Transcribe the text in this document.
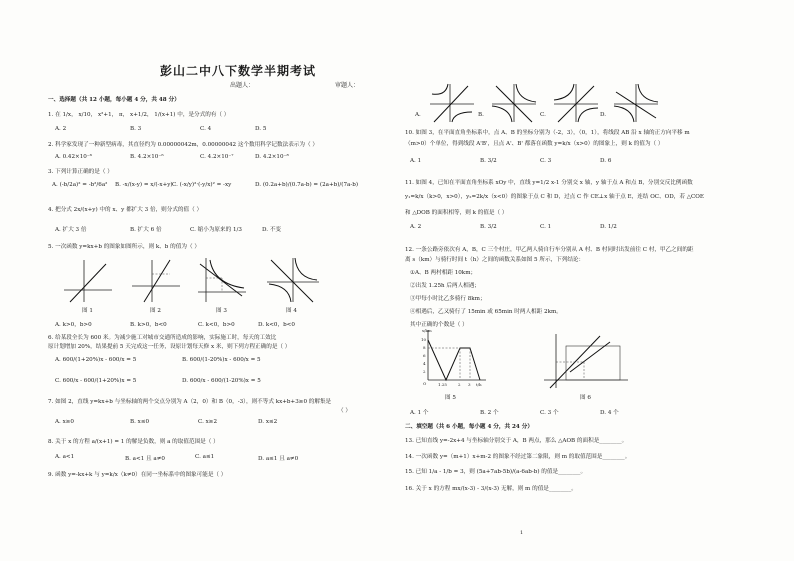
彭山二中八下数学半期考试
出题人：	审题人：
一、选择题（共 12 小题，每小题 4 分，共 48 分）
1. 在 1/x， x/10， x²+1， π， x+1/2， 1/(x+1) 中，是分式的有（ ）
A. 2	B. 3	C. 4	D. 5
2. 科学家发现了一种新型病毒，其直径约为 0.00000042m，0.00000042 这个数用科学记数法表示为（ ）
A. 0.42×10⁻⁶	B. 4.2×10⁻⁶	C. 4.2×10⁻⁷	D. 4.2×10⁻⁸
3. 下列计算正确的是（ ）
A. (-b/2a)² = -b²/6a² B. -x/(x-y) = x/(-x+y) C. (-x/y)²·(-y/x)² = -xy	D. (0.2a+b)/(0.7a-b) = (2a+b)/(7a-b)
4. 把分式 2x/(x+y) 中的 x、y 都扩大 3 倍，则分式的值（ ）
A. 扩大 3 倍	B. 扩大 6 倍	C. 缩小为原来的 1/3	D. 不变
5. 一次函数 y=kx+b 的图象如图所示，则 k、b 的值为（ ）
图 1	图 2	图 3	图 4
A. k>0，b>0	B. k>0，b<0	C. k<0，b>0	D. k<0，b<0
6. 给某段全长为 600 米。为减少施工对城市交通所造成的影响，实际施工时，每天的工效比
原计划增加 20%，结果提前 5 天完成这一任务，设原计划每天修 x 米，则下列方程正确的是（ ）
A. 600/(1+20%)x - 600/x = 5	B. 600/(1-20%)x - 600/x = 5
C. 600/x - 600/(1+20%)x = 5	D. 600/x - 600/(1-20%)x = 5
7. 如图 2，直线 y=kx+b 与坐标轴的两个交点分别为 A（2，0）和 B（0，-3），则不等式 kx+b+3≥0 的解集是
（ ）
A. x≥0	B. x≤0	C. x≥2	D. x≤2
8. 关于 x 的方程 a/(x+1) = 1 的解是负数，则 a 的取值范围是（ ）
A. a<1	B. a<1 且 a≠0	C. a≤1	D. a≤1 且 a≠0
9. 函数 y=-kx+k 与 y=k/x（k≠0）在同一坐标系中的图象可能是（ ）
A.	B.	C.	D.
10. 如图 3，在平面直角坐标系中，点 A、B 的坐标分别为（-2，3），（0，1），将线段 AB 沿 x 轴的正方向平移 m
（m>0）个单位，得到线段 A'B'，且点 A'、B' 都落在函数 y=k/x（x>0）的图象上，则 k 的值为（ ）
A. 1	B. 3/2	C. 3	D. 6
11. 如图 4，已知在平面直角坐标系 xOy 中，直线 y=1/2 x-1 分别交 x 轴，y 轴于点 A 和点 B，分别交反比例函数
y₁=k/x（k>0，x>0），y₂=2k/x（x<0）的图象于点 C 和 D，过点 C 作 CE⊥x 轴于点 E，连结 OC、OD，若 △COE
和 △DOB 的面积相等，则 k 的值是（ ）
A. 2	B. 3/2	C. 1	D. 1/2
12. 一条公路旁依次有 A，B，C 三个村庄，甲乙两人骑自行车分别从 A 村、B 村同时出发前往 C 村，甲乙之间的距
离 s（km）与骑行时间 t（h）之间的函数关系如图 5 所示，下列结论：
①A、B 两村相距 10km；
②出发 1.25h 后两人相遇；
③甲每小时比乙多骑行 8km；
④相遇后，乙又骑行了 15min 或 65min 时两人相距 2km。
其中正确的个数是（ ）
s/km
10
8
6
4
2
O	1.25	2 3 t/h
图 5	图 6
A. 1 个	B. 2 个	C. 3 个	D. 4 个
二、填空题（共 6 小题，每小题 4 分，共 24 分）
13. 已知直线 y=-2x+4 与坐标轴分别交于 A，B 两点，那么 △AOB 的面积是________。
14. 一次函数 y=（m+1）x+m-2 的图象不经过第二象限，则 m 的取值范围是________。
15. 已知 1/a - 1/b = 3，则 (5a+7ab-5b)/(a-6ab-b) 的值是________。
16. 关于 x 的方程 mx/(x-3) - 3/(x-3) 无解，则 m 的值是________。
1
